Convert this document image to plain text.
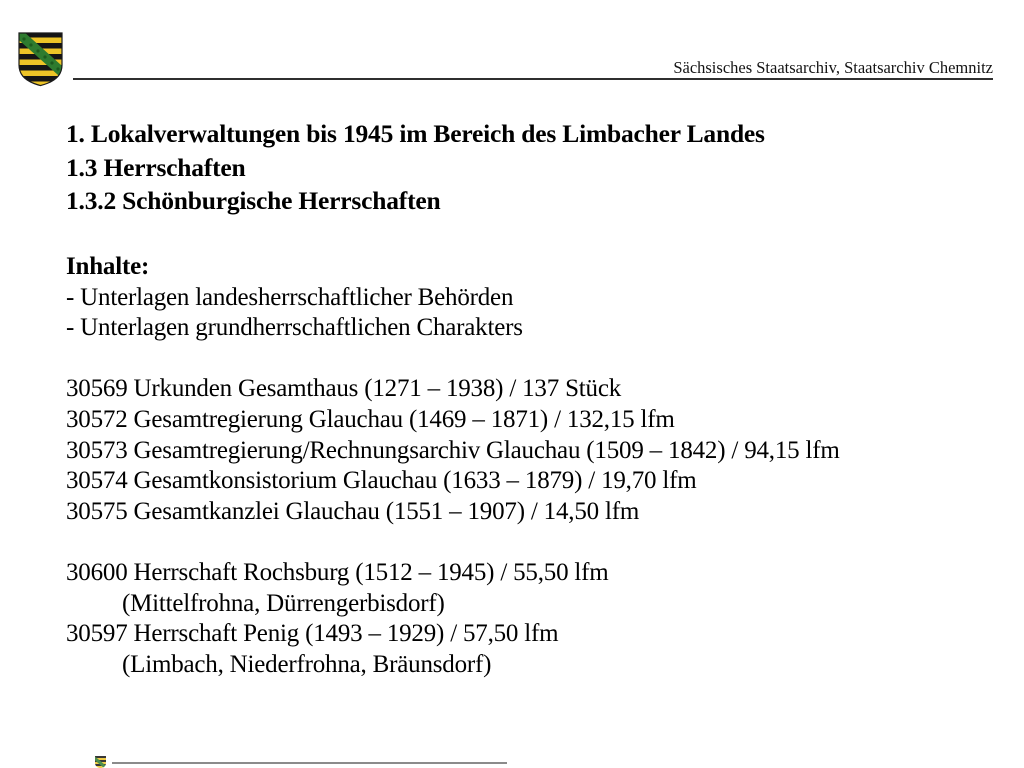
Sächsisches Staatsarchiv, Staatsarchiv Chemnitz
1. Lokalverwaltungen bis 1945 im Bereich des Limbacher Landes
1.3 Herrschaften
1.3.2 Schönburgische Herrschaften
Inhalte:
- Unterlagen landesherrschaftlicher Behörden
- Unterlagen grundherrschaftlichen Charakters

30569 Urkunden Gesamthaus (1271 – 1938) / 137 Stück
30572 Gesamtregierung Glauchau (1469 – 1871) / 132,15 lfm
30573 Gesamtregierung/Rechnungsarchiv Glauchau (1509 – 1842) / 94,15 lfm
30574 Gesamtkonsistorium Glauchau (1633 – 1879) / 19,70 lfm
30575 Gesamtkanzlei Glauchau (1551 – 1907) / 14,50 lfm

30600 Herrschaft Rochsburg (1512 – 1945) / 55,50 lfm
(Mittelfrohna, Dürrengerbisdorf)
30597 Herrschaft Penig (1493 – 1929) / 57,50 lfm
(Limbach, Niederfrohna, Bräunsdorf)
